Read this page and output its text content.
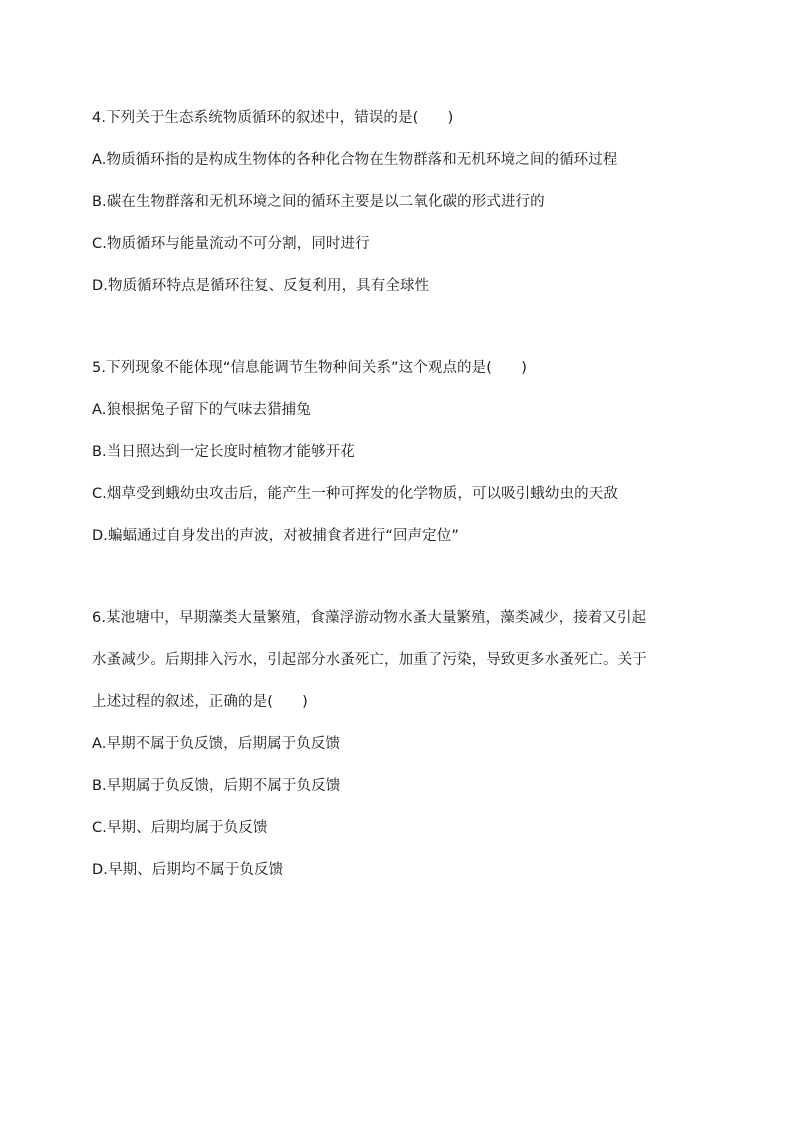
4.下列关于生态系统物质循环的叙述中，错误的是(　　)
A.物质循环指的是构成生物体的各种化合物在生物群落和无机环境之间的循环过程
B.碳在生物群落和无机环境之间的循环主要是以二氧化碳的形式进行的
C.物质循环与能量流动不可分割，同时进行
D.物质循环特点是循环往复、反复利用，具有全球性
5.下列现象不能体现“信息能调节生物种间关系”这个观点的是(　　)
A.狼根据兔子留下的气味去猎捕兔
B.当日照达到一定长度时植物才能够开花
C.烟草受到蛾幼虫攻击后，能产生一种可挥发的化学物质，可以吸引蛾幼虫的天敌
D.蝙蝠通过自身发出的声波，对被捕食者进行“回声定位”
6.某池塘中，早期藻类大量繁殖，食藻浮游动物水蚤大量繁殖，藻类减少，接着又引起
水蚤减少。后期排入污水，引起部分水蚤死亡，加重了污染，导致更多水蚤死亡。关于
上述过程的叙述，正确的是(　　)
A.早期不属于负反馈，后期属于负反馈
B.早期属于负反馈，后期不属于负反馈
C.早期、后期均属于负反馈
D.早期、后期均不属于负反馈
